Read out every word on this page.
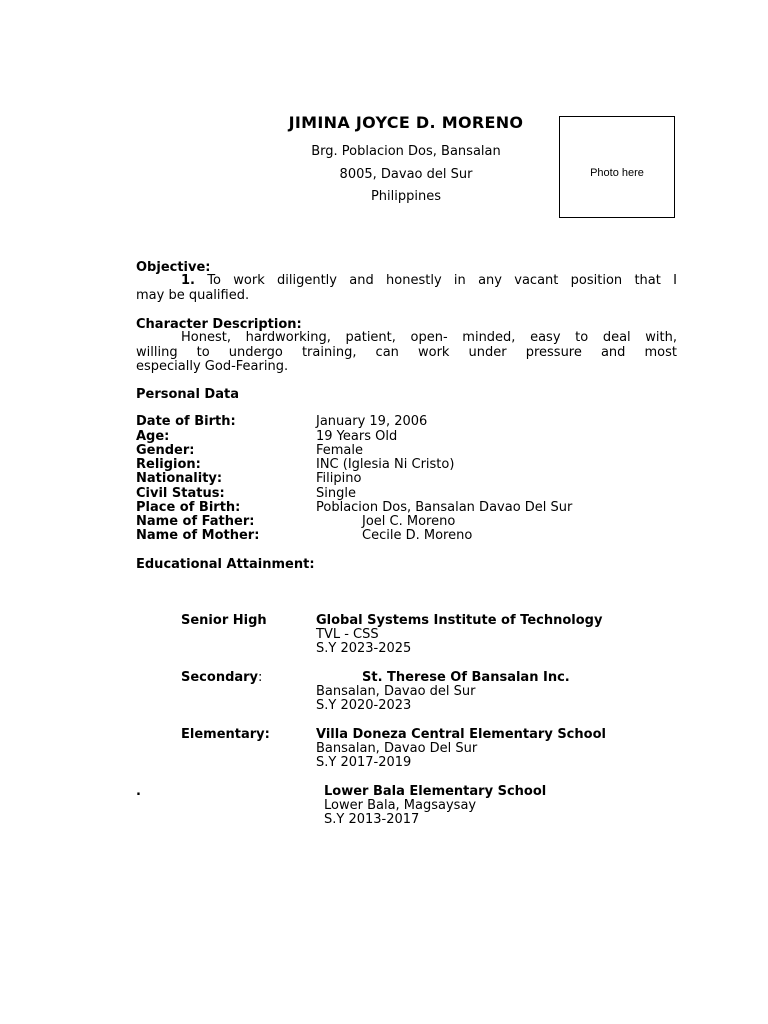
JIMINA JOYCE D. MORENO
Brg. Poblacion Dos, Bansalan
8005, Davao del Sur
Philippines
Photo here
Objective:
1. To work diligently and honestly in any vacant position that I
may be qualified.
Character Description:
Honest, hardworking, patient, open- minded, easy to deal with,
willing to undergo training, can work under pressure and most
especially God-Fearing.
Personal Data
Date of Birth:	January 19, 2006
Age:	19 Years Old
Gender:	Female
Religion:	INC (Iglesia Ni Cristo)
Nationality:	Filipino
Civil Status:	Single
Place of Birth:	Poblacion Dos, Bansalan Davao Del Sur
Name of Father:	Joel C. Moreno
Name of Mother:	Cecile D. Moreno
Educational Attainment:
Senior High	Global Systems Institute of Technology
TVL - CSS
S.Y 2023-2025
Secondary:	St. Therese Of Bansalan Inc.
Bansalan, Davao del Sur
S.Y 2020-2023
Elementary:	Villa Doneza Central Elementary School
Bansalan, Davao Del Sur
S.Y 2017-2019
.	Lower Bala Elementary School
Lower Bala, Magsaysay
S.Y 2013-2017
